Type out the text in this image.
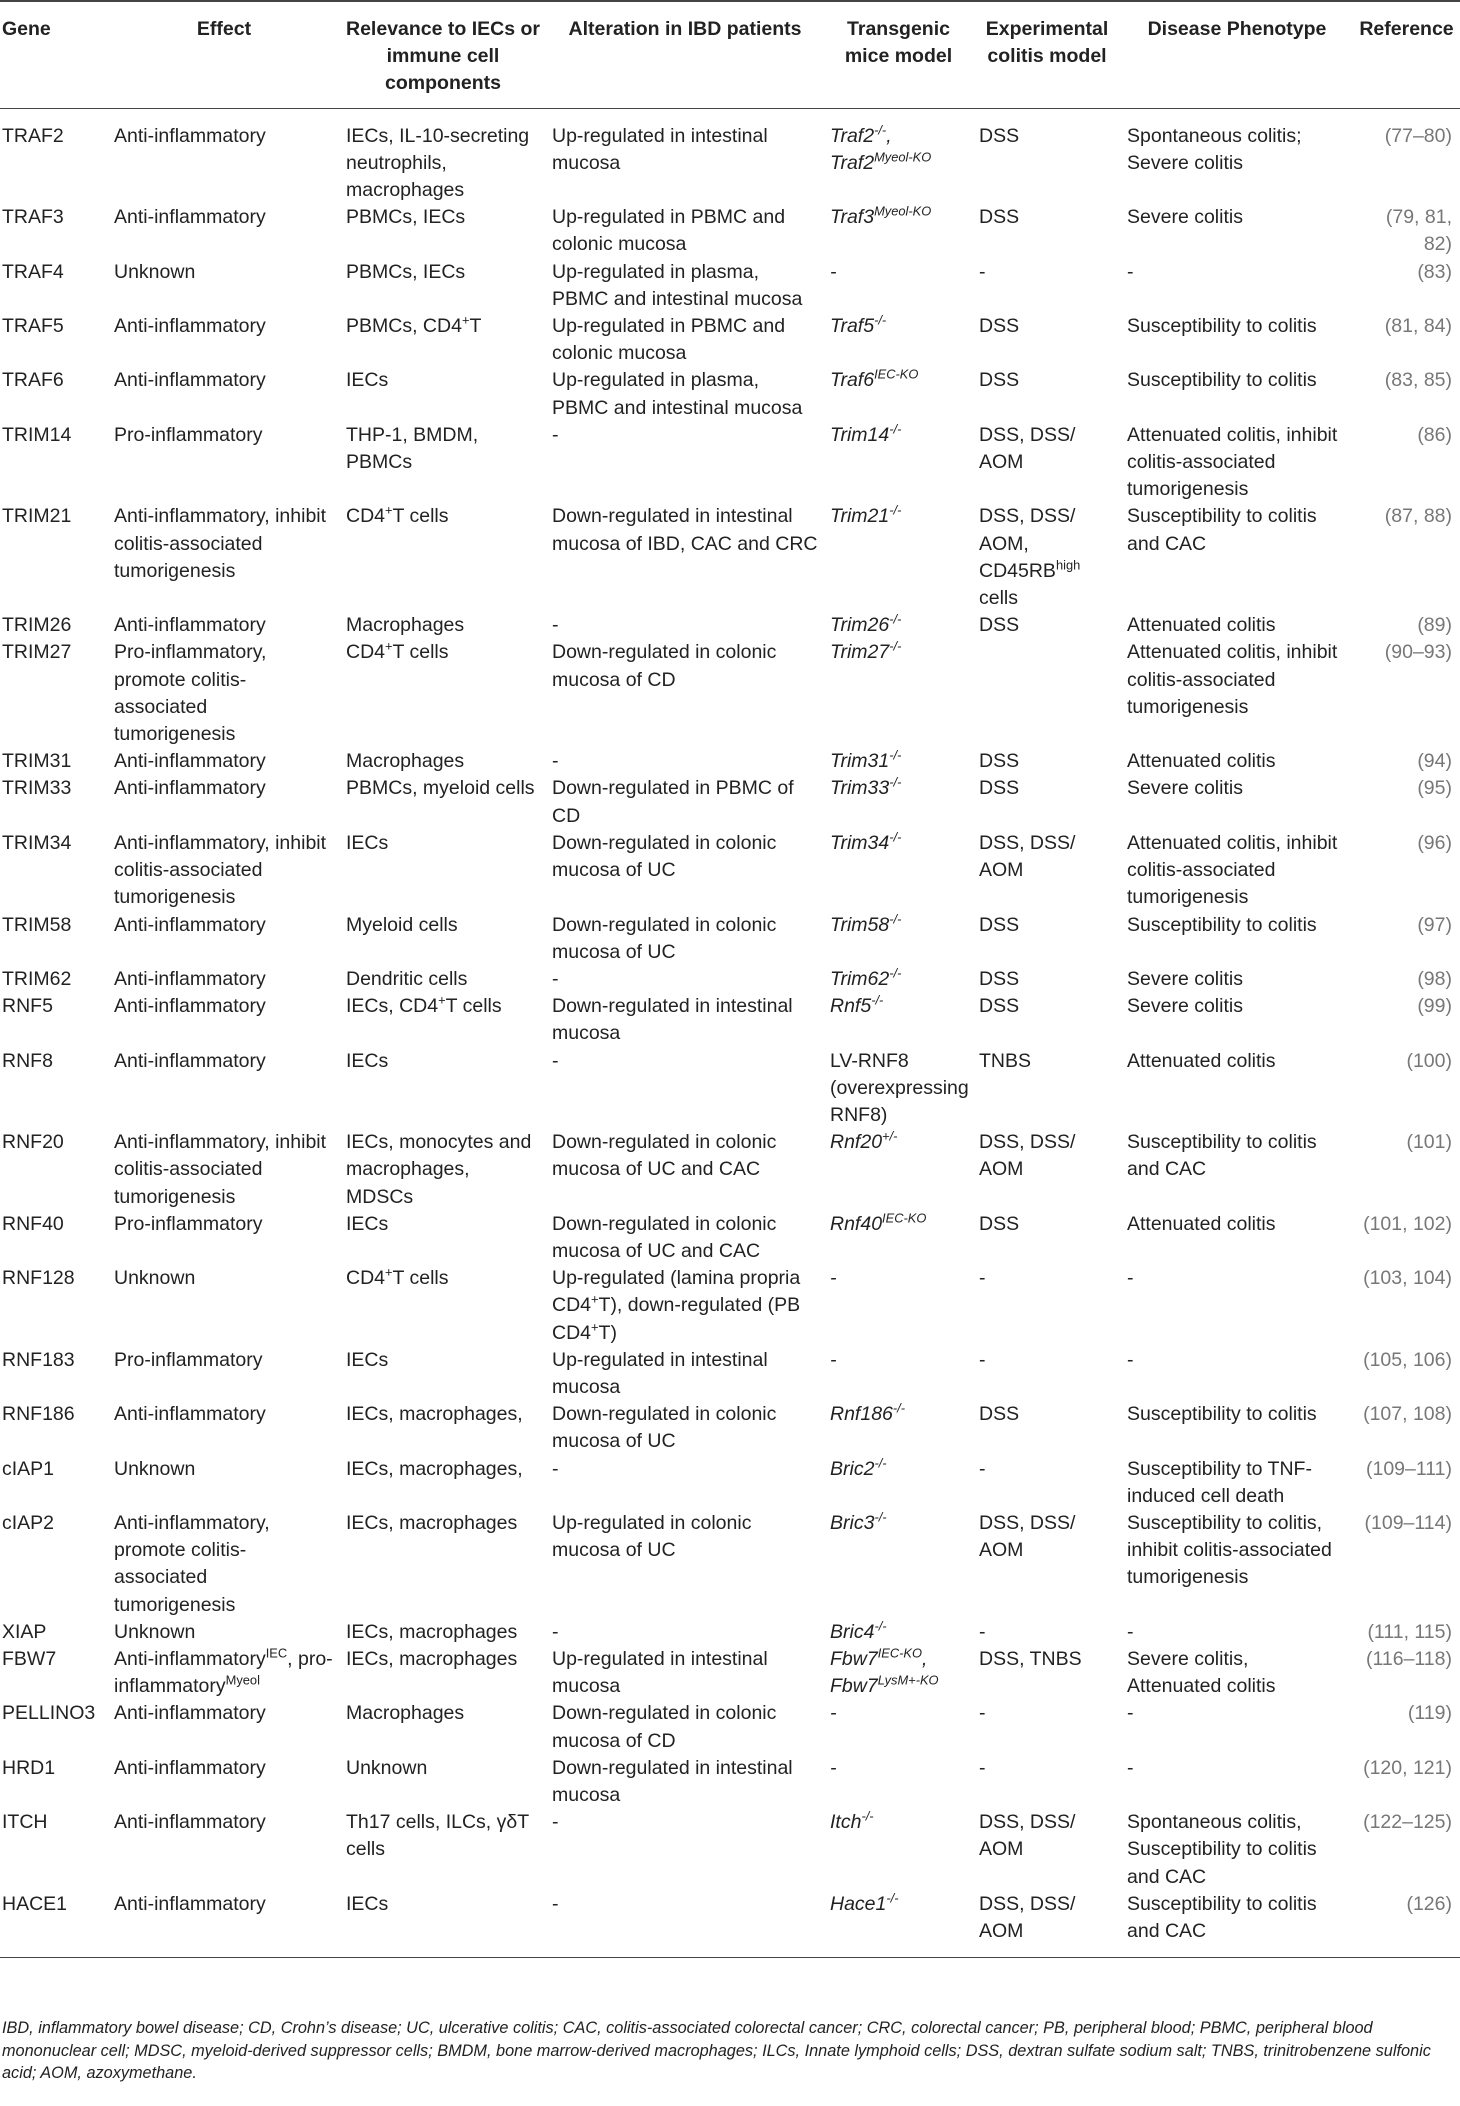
Gene	Effect	Relevance to IECs or immune cell components	Alteration in IBD patients	Transgenic mice model	Experimental colitis model	Disease Phenotype	Reference
TRAF2	Anti-inflammatory	IECs, IL-10-secreting neutrophils, macrophages	Up-regulated in intestinal mucosa	Traf2-/-, $Traf2^{Myeol-KO}$	DSS	Spontaneous colitis; Severe colitis	(77–80)
TRAF3	Anti-inflammatory	PBMCs, IECs	Up-regulated in PBMC and colonic mucosa	$Traf3^{Myeol-KO}$	DSS	Severe colitis	(79, 81, 82)
TRAF4	Unknown	PBMCs, IECs	Up-regulated in plasma, PBMC and intestinal mucosa	-	-	-	(83)
TRAF5	Anti-inflammatory	PBMCs, CD4+T	Up-regulated in PBMC and colonic mucosa	Traf5-/-	DSS	Susceptibility to colitis	(81, 84)
TRAF6	Anti-inflammatory	IECs	Up-regulated in plasma, PBMC and intestinal mucosa	$Traf6^{IEC-KO}$	DSS	Susceptibility to colitis	(83, 85)
TRIM14	Pro-inflammatory	THP-1, BMDM, PBMCs	-	Trim14-/-	DSS, DSS/ AOM	Attenuated colitis, inhibit colitis-associated tumorigenesis	(86)
TRIM21	Anti-inflammatory, inhibit colitis-associated tumorigenesis	CD4+T cells	Down-regulated in intestinal mucosa of IBD, CAC and CRC	Trim21-/-	DSS, DSS/ AOM, $CD45RB^{high}$ cells	Susceptibility to colitis and CAC	(87, 88)
TRIM26	Anti-inflammatory	Macrophages	-	Trim26-/-	DSS	Attenuated colitis	(89)
TRIM27	Pro-inflammatory, promote colitis-associated tumorigenesis	CD4+T cells	Down-regulated in colonic mucosa of CD	Trim27-/-		Attenuated colitis, inhibit colitis-associated tumorigenesis	(90–93)
TRIM31	Anti-inflammatory	Macrophages	-	Trim31-/-	DSS	Attenuated colitis	(94)
TRIM33	Anti-inflammatory	PBMCs, myeloid cells	Down-regulated in PBMC of CD	Trim33-/-	DSS	Severe colitis	(95)
TRIM34	Anti-inflammatory, inhibit colitis-associated tumorigenesis	IECs	Down-regulated in colonic mucosa of UC	Trim34-/-	DSS, DSS/ AOM	Attenuated colitis, inhibit colitis-associated tumorigenesis	(96)
TRIM58	Anti-inflammatory	Myeloid cells	Down-regulated in colonic mucosa of UC	Trim58-/-	DSS	Susceptibility to colitis	(97)
TRIM62	Anti-inflammatory	Dendritic cells	-	Trim62-/-	DSS	Severe colitis	(98)
RNF5	Anti-inflammatory	IECs, CD4+T cells	Down-regulated in intestinal mucosa	Rnf5-/-	DSS	Severe colitis	(99)
RNF8	Anti-inflammatory	IECs	-	LV-RNF8 (overexpressing RNF8)	TNBS	Attenuated colitis	(100)
RNF20	Anti-inflammatory, inhibit colitis-associated tumorigenesis	IECs, monocytes and macrophages, MDSCs	Down-regulated in colonic mucosa of UC and CAC	Rnf20+/-	DSS, DSS/ AOM	Susceptibility to colitis and CAC	(101)
RNF40	Pro-inflammatory	IECs	Down-regulated in colonic mucosa of UC and CAC	$Rnf40^{IEC-KO}$	DSS	Attenuated colitis	(101, 102)
RNF128	Unknown	CD4+T cells	Up-regulated (lamina propria CD4+T), down-regulated (PB CD4+T)	-	-	-	(103, 104)
RNF183	Pro-inflammatory	IECs	Up-regulated in intestinal mucosa	-	-	-	(105, 106)
RNF186	Anti-inflammatory	IECs, macrophages,	Down-regulated in colonic mucosa of UC	Rnf186-/-	DSS	Susceptibility to colitis	(107, 108)
cIAP1	Unknown	IECs, macrophages,	-	Bric2-/-	-	Susceptibility to TNF-induced cell death	(109–111)
cIAP2	Anti-inflammatory, promote colitis-associated tumorigenesis	IECs, macrophages	Up-regulated in colonic mucosa of UC	Bric3-/-	DSS, DSS/ AOM	Susceptibility to colitis, inhibit colitis-associated tumorigenesis	(109–114)
XIAP	Unknown	IECs, macrophages	-	Bric4-/-	-	-	(111, 115)
FBW7	Anti-inflammatory$^{IEC}$, pro-inflammatory$^{Myeol}$	IECs, macrophages	Up-regulated in intestinal mucosa	$Fbw7^{IEC-KO}$, $Fbw7^{LysM+-KO}$	DSS, TNBS	Severe colitis, Attenuated colitis	(116–118)
PELLINO3	Anti-inflammatory	Macrophages	Down-regulated in colonic mucosa of CD	-	-	-	(119)
HRD1	Anti-inflammatory	Unknown	Down-regulated in intestinal mucosa	-	-	-	(120, 121)
ITCH	Anti-inflammatory	Th17 cells, ILCs, γδT cells	-	Itch-/-	DSS, DSS/ AOM	Spontaneous colitis, Susceptibility to colitis and CAC	(122–125)
HACE1	Anti-inflammatory	IECs	-	Hace1-/-	DSS, DSS/ AOM	Susceptibility to colitis and CAC	(126)

IBD, inflammatory bowel disease; CD, Crohn’s disease; UC, ulcerative colitis; CAC, colitis-associated colorectal cancer; CRC, colorectal cancer; PB, peripheral blood; PBMC, peripheral blood mononuclear cell; MDSC, myeloid-derived suppressor cells; BMDM, bone marrow-derived macrophages; ILCs, Innate lymphoid cells; DSS, dextran sulfate sodium salt; TNBS, trinitrobenzene sulfonic acid; AOM, azoxymethane.
